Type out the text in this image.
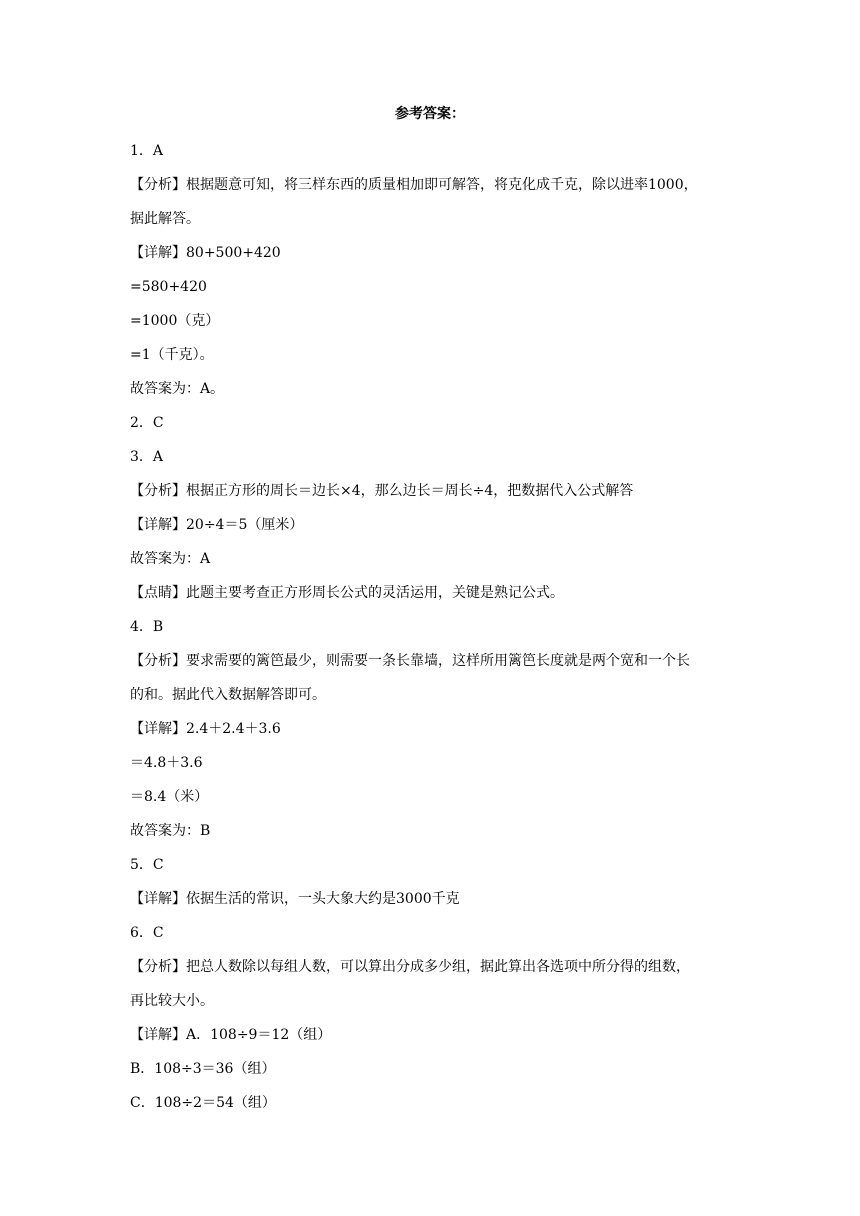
参考答案：
1．A
【分析】根据题意可知，将三样东西的质量相加即可解答，将克化成千克，除以进率1000，
据此解答。
【详解】80+500+420
=580+420
=1000（克）
=1（千克）。
故答案为：A。
2．C
3．A
【分析】根据正方形的周长＝边长×4，那么边长＝周长÷4，把数据代入公式解答
【详解】20÷4＝5（厘米）
故答案为：A
【点睛】此题主要考查正方形周长公式的灵活运用，关键是熟记公式。
4．B
【分析】要求需要的篱笆最少，则需要一条长靠墙，这样所用篱笆长度就是两个宽和一个长
的和。据此代入数据解答即可。
【详解】2.4＋2.4＋3.6
＝4.8＋3.6
＝8.4（米）
故答案为：B
5．C
【详解】依据生活的常识，一头大象大约是3000千克
6．C
【分析】把总人数除以每组人数，可以算出分成多少组，据此算出各选项中所分得的组数，
再比较大小。
【详解】A．108÷9＝12（组）
B．108÷3＝36（组）
C．108÷2＝54（组）
